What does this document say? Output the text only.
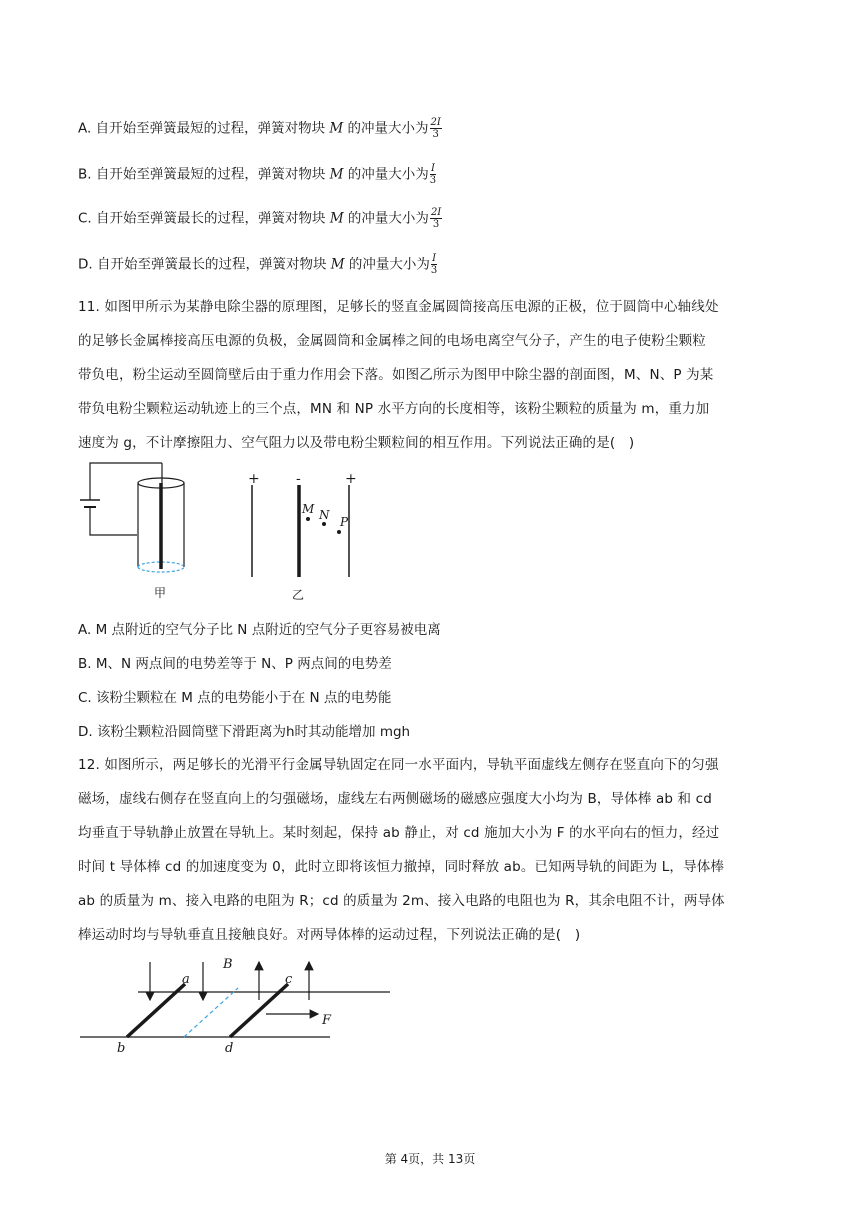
A. 自开始至弹簧最短的过程，弹簧对物块 M 的冲量大小为 $\frac{2I}{3}$
B. 自开始至弹簧最短的过程，弹簧对物块 M 的冲量大小为 $\frac{I}{3}$
C. 自开始至弹簧最长的过程，弹簧对物块 M 的冲量大小为 $\frac{2I}{3}$
D. 自开始至弹簧最长的过程，弹簧对物块 M 的冲量大小为 $\frac{I}{3}$
11. 如图甲所示为某静电除尘器的原理图，足够长的竖直金属圆筒接高压电源的正极，位于圆筒中心轴线处
的足够长金属棒接高压电源的负极，金属圆筒和金属棒之间的电场电离空气分子，产生的电子使粉尘颗粒
带负电，粉尘运动至圆筒壁后由于重力作用会下落。如图乙所示为图甲中除尘器的剖面图，M、N、P 为某
带负电粉尘颗粒运动轨迹上的三个点，MN 和 NP 水平方向的长度相等，该粉尘颗粒的质量为 m，重力加
速度为 g，不计摩擦阻力、空气阻力以及带电粉尘颗粒间的相互作用。下列说法正确的是(　)
甲
+	-	+
M N P
乙
A. M 点附近的空气分子比 N 点附近的空气分子更容易被电离
B. M、N 两点间的电势差等于 N、P 两点间的电势差
C. 该粉尘颗粒在 M 点的电势能小于在 N 点的电势能
D. 该粉尘颗粒沿圆筒壁下滑距离为h时其动能增加 mgh
12. 如图所示，两足够长的光滑平行金属导轨固定在同一水平面内，导轨平面虚线左侧存在竖直向下的匀强
磁场，虚线右侧存在竖直向上的匀强磁场，虚线左右两侧磁场的磁感应强度大小均为 B，导体棒 ab 和 cd
均垂直于导轨静止放置在导轨上。某时刻起，保持 ab 静止，对 cd 施加大小为 F 的水平向右的恒力，经过
时间 t 导体棒 cd 的加速度变为 0，此时立即将该恒力撤掉，同时释放 ab。已知两导轨的间距为 L，导体棒
ab 的质量为 m、接入电路的电阻为 R；cd 的质量为 2m、接入电路的电阻也为 R，其余电阻不计，两导体
棒运动时均与导轨垂直且接触良好。对两导体棒的运动过程，下列说法正确的是(　)
a
b
c
d
B
F
第 4页，共 13页
